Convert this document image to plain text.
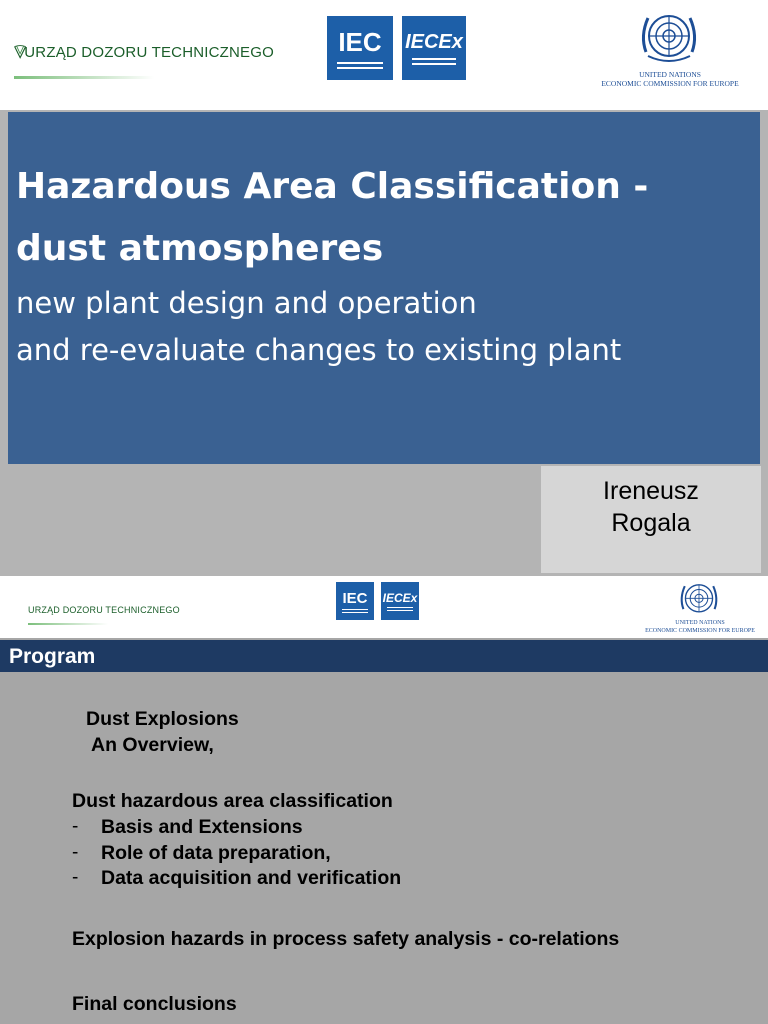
URZĄD DOZORU TECHNICZNEGO IEC IECEx
UNITED NATIONS
ECONOMIC COMMISSION FOR EUROPE
Hazardous Area Classification -
dust atmospheres
new plant design and operation
and re-evaluate changes to existing plant
Ireneusz
Rogala
URZĄD DOZORU TECHNICZNEGO
IEC IECEx
UNITED NATIONS
ECONOMIC COMMISSION FOR EUROPE
Program
Dust Explosions
An Overview,
Dust hazardous area classification
- Basis and Extensions
- Role of data preparation,
- Data acquisition and verification
Explosion hazards in process safety analysis - co-relations
Final conclusions
